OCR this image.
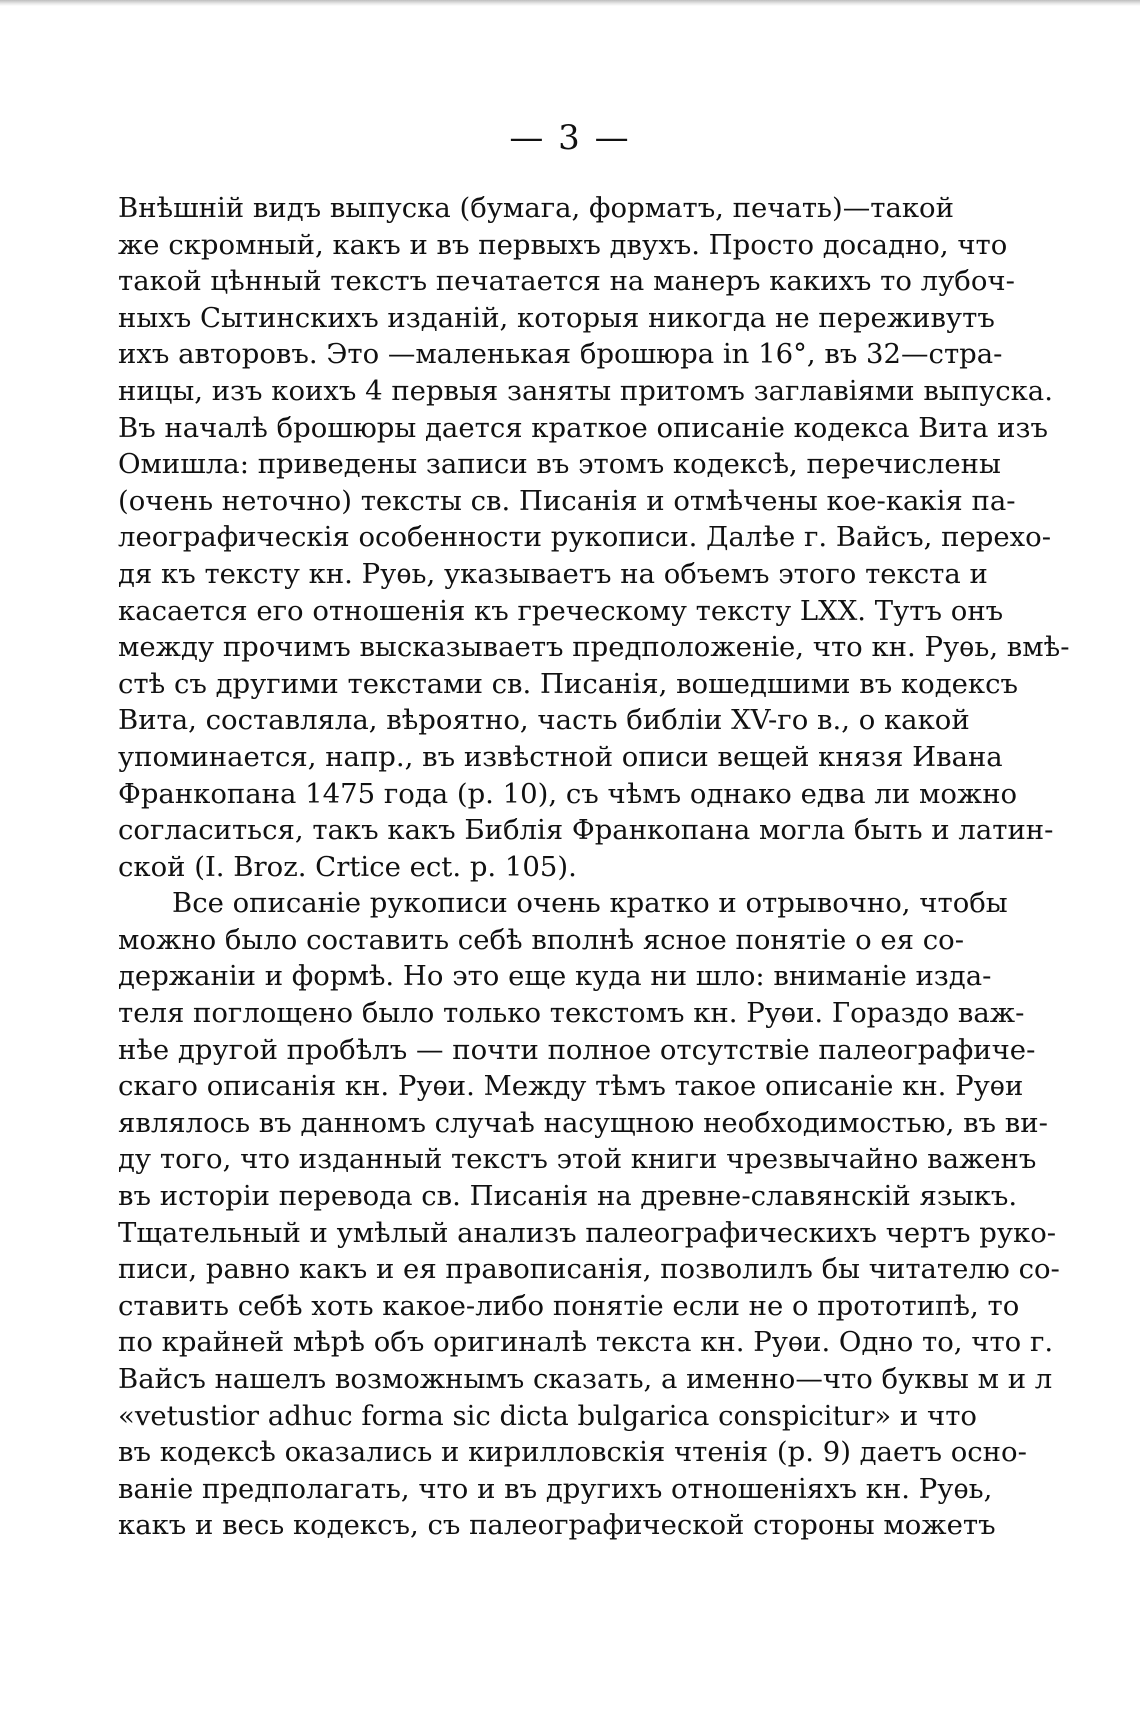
— 3 —
Внѣшній видъ выпуска (бумага, форматъ, печать)—такой
же скромный, какъ и въ первыхъ двухъ. Просто досадно, что
такой цѣнный текстъ печатается на манеръ какихъ то лубоч-
ныхъ Сытинскихъ изданій, которыя никогда не переживутъ
ихъ авторовъ. Это —маленькая брошюра in 16°, въ 32—стра-
ницы, изъ коихъ 4 первыя заняты притомъ заглавіями выпуска.
Въ началѣ брошюры дается краткое описаніе кодекса Вита изъ
Омишла: приведены записи въ этомъ кодексѣ, перечислены
(очень неточно) тексты св. Писанія и отмѣчены кое-какія па-
леографическія особенности рукописи. Далѣе г. Вайсъ, перехо-
дя къ тексту кн. Руѳь, указываетъ на объемъ этого текста и
касается его отношенія къ греческому тексту LXX. Тутъ онъ
между прочимъ высказываетъ предположеніе, что кн. Руѳь, вмѣ-
стѣ съ другими текстами св. Писанія, вошедшими въ кодексъ
Вита, составляла, вѣроятно, часть библіи XV-го в., о какой
упоминается, напр., въ извѣстной описи вещей князя Ивана
Франкопана 1475 года (р. 10), съ чѣмъ однако едва ли можно
согласиться, такъ какъ Библія Франкопана могла быть и латин-
ской (I. Broz. Crtice ect. p. 105).
Все описаніе рукописи очень кратко и отрывочно, чтобы
можно было составить себѣ вполнѣ ясное понятіе о ея со-
держаніи и формѣ. Но это еще куда ни шло: вниманіе изда-
теля поглощено было только текстомъ кн. Руѳи. Гораздо важ-
нѣе другой пробѣлъ — почти полное отсутствіе палеографиче-
скаго описанія кн. Руѳи. Между тѣмъ такое описаніе кн. Руѳи
являлось въ данномъ случаѣ насущною необходимостью, въ ви-
ду того, что изданный текстъ этой книги чрезвычайно важенъ
въ исторіи перевода св. Писанія на древне-славянскій языкъ.
Тщательный и умѣлый анализъ палеографическихъ чертъ руко-
писи, равно какъ и ея правописанія, позволилъ бы читателю со-
ставить себѣ хоть какое-либо понятіе если не о прототипѣ, то
по крайней мѣрѣ объ оригиналѣ текста кн. Руѳи. Одно то, что г.
Вайсъ нашелъ возможнымъ сказать, а именно—что буквы м и л
«vetustior adhuc forma sic dicta bulgarica conspicitur» и что
въ кодексѣ оказались и кирилловскія чтенія (р. 9) даетъ осно-
ваніе предполагать, что и въ другихъ отношеніяхъ кн. Руѳь,
какъ и весь кодексъ, съ палеографической стороны можетъ
